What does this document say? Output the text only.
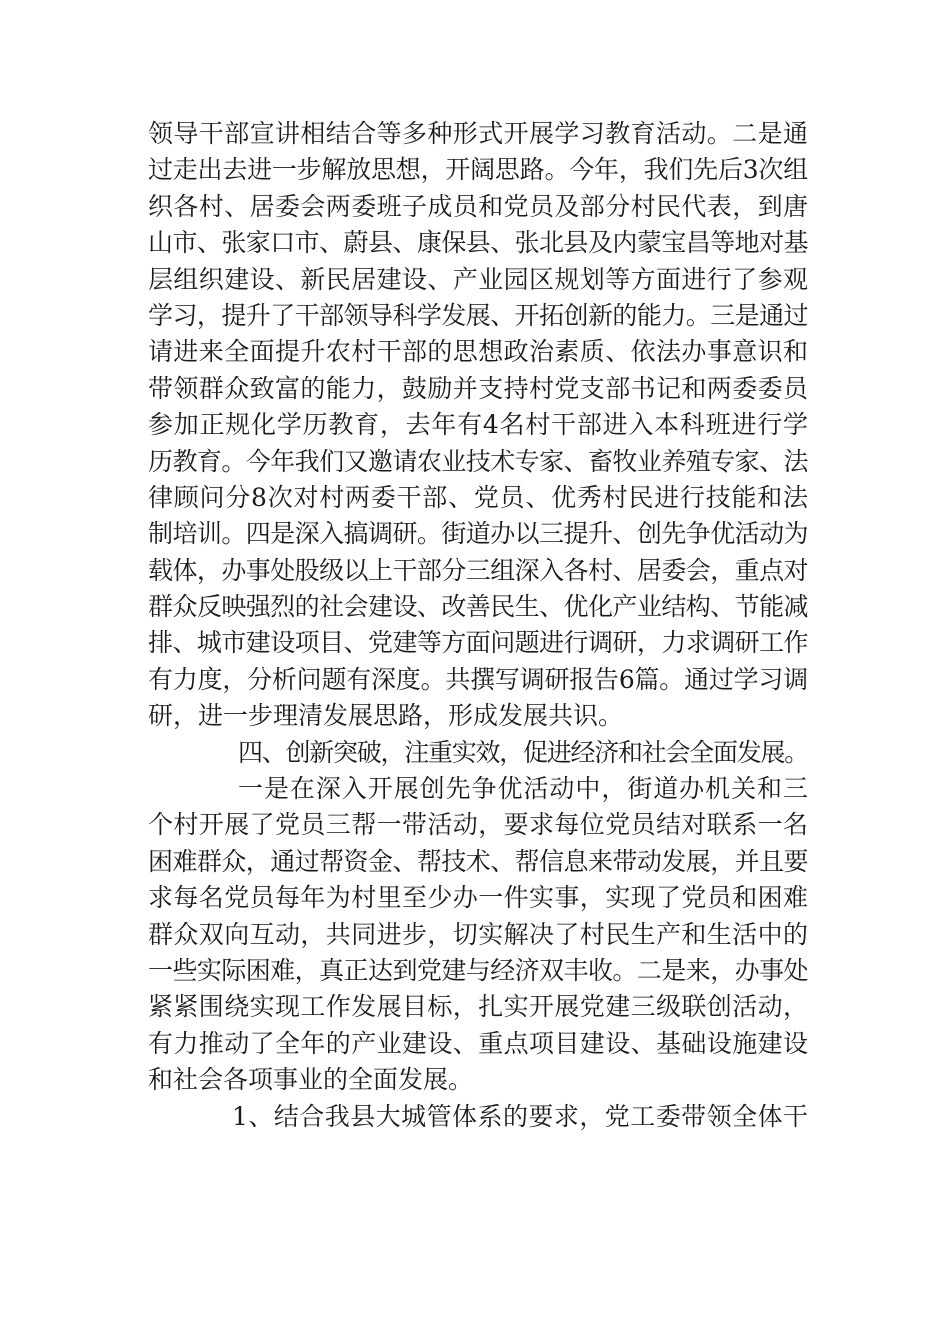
领导干部宣讲相结合等多种形式开展学习教育活动。二是通
过走出去进一步解放思想，开阔思路。今年，我们先后3次组
织各村、居委会两委班子成员和党员及部分村民代表，到唐
山市、张家口市、蔚县、康保县、张北县及内蒙宝昌等地对基
层组织建设、新民居建设、产业园区规划等方面进行了参观
学习，提升了干部领导科学发展、开拓创新的能力。三是通过
请进来全面提升农村干部的思想政治素质、依法办事意识和
带领群众致富的能力，鼓励并支持村党支部书记和两委委员
参加正规化学历教育，去年有4名村干部进入本科班进行学
历教育。今年我们又邀请农业技术专家、畜牧业养殖专家、法
律顾问分8次对村两委干部、党员、优秀村民进行技能和法
制培训。四是深入搞调研。街道办以三提升、创先争优活动为
载体，办事处股级以上干部分三组深入各村、居委会，重点对
群众反映强烈的社会建设、改善民生、优化产业结构、节能减
排、城市建设项目、党建等方面问题进行调研，力求调研工作
有力度，分析问题有深度。共撰写调研报告6篇。通过学习调
研，进一步理清发展思路，形成发展共识。
四、创新突破，注重实效，促进经济和社会全面发展。
一是在深入开展创先争优活动中，街道办机关和三
个村开展了党员三帮一带活动，要求每位党员结对联系一名
困难群众，通过帮资金、帮技术、帮信息来带动发展，并且要
求每名党员每年为村里至少办一件实事，实现了党员和困难
群众双向互动，共同进步，切实解决了村民生产和生活中的
一些实际困难，真正达到党建与经济双丰收。二是来，办事处
紧紧围绕实现工作发展目标，扎实开展党建三级联创活动，
有力推动了全年的产业建设、重点项目建设、基础设施建设
和社会各项事业的全面发展。
1、结合我县大城管体系的要求，党工委带领全体干
